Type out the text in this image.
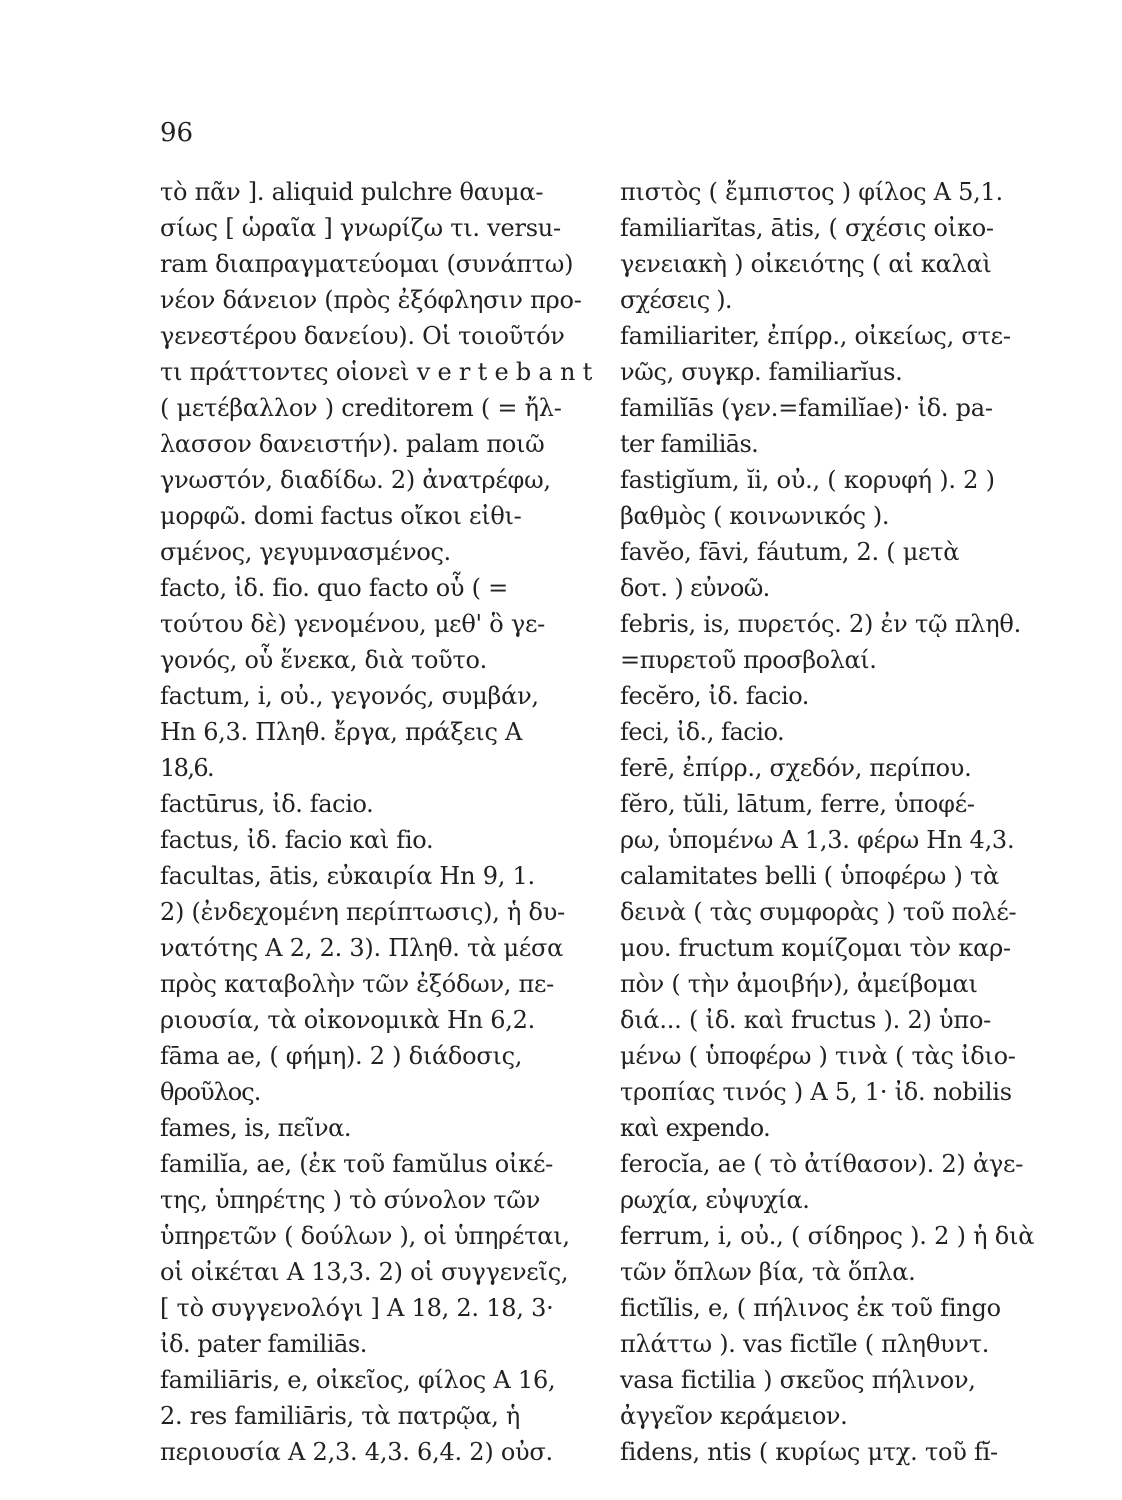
96
τὸ πᾶν ]. aliquid pulchre θαυμα-
σίως [ ὡραῖα ] γνωρίζω τι. versu-
ram διαπραγματεύομαι (συνάπτω)
νέον δάνειον (πρὸς ἐξόφλησιν προ-
γενεστέρου δανείου). Οἱ τοιοῦτόν
τι πράττοντες οἱονεὶ v e r t e b a n t
( μετέβαλλον ) creditorem ( = ἤλ-
λασσον δανειστήν). palam ποιῶ
γνωστόν, διαδίδω. 2) ἀνατρέφω,
μορφῶ. domi factus οἴκοι εἰθι-
σμένος, γεγυμνασμένος.
facto, ἰδ. fio. quo facto οὗ ( =
τούτου δὲ) γενομένου, μεθ' ὃ γε-
γονός, οὗ ἕνεκα, διὰ τοῦτο.
factum, i, οὐ., γεγονός, συμβάν,
Hn 6,3. Πληθ. ἔργα, πράξεις A
18,6.
factūrus, ἰδ. facio.
factus, ἰδ. facio καὶ fio.
facultas, ātis, εὐκαιρία Hn 9, 1.
2) (ἐνδεχομένη περίπτωσις), ἡ δυ-
νατότης A 2, 2. 3). Πληθ. τὰ μέσα
πρὸς καταβολὴν τῶν ἐξόδων, πε-
ριουσία, τὰ οἰκονομικὰ Hn 6,2.
fāma ae, ( φήμη). 2 ) διάδοσις,
θροῦλος.
fames, is, πεῖνα.
familĭa, ae, (ἐκ τοῦ famŭlus οἰκέ-
της, ὑπηρέτης ) τὸ σύνολον τῶν
ὑπηρετῶν ( δούλων ), οἱ ὑπηρέται,
οἱ οἰκέται A 13,3. 2) οἱ συγγενεῖς,
[ τὸ συγγενολόγι ] A 18, 2. 18, 3·
ἰδ. pater familiās.
familiāris, e, οἰκεῖος, φίλος A 16,
2. res familiāris, τὰ πατρῷα, ἡ
περιουσία A 2,3. 4,3. 6,4. 2) οὐσ.
πιστὸς ( ἔμπιστος ) φίλος A 5,1.
familiarĭtas, ātis, ( σχέσις οἰκο-
γενειακὴ ) οἰκειότης ( αἱ καλαὶ
σχέσεις ).
familiariter, ἐπίρρ., οἰκείως, στε-
νῶς, συγκρ. familiarĭus.
familĭās (γεν.=familĭae)· ἰδ. pa-
ter familiās.
fastigĭum, ĭi, οὐ., ( κορυφή ). 2 )
βαθμὸς ( κοινωνικός ).
favĕo, fāvi, fáutum, 2. ( μετὰ
δοτ. ) εὐνοῶ.
febris, is, πυρετός. 2) ἐν τῷ πληθ.
=πυρετοῦ προσβολαί.
fecĕro, ἰδ. facio.
feci, ἰδ., facio.
ferē, ἐπίρρ., σχεδόν, περίπου.
fĕro, tŭli, lātum, ferre, ὑποφέ-
ρω, ὑπομένω A 1,3. φέρω Hn 4,3.
calamitates belli ( ὑποφέρω ) τὰ
δεινὰ ( τὰς συμφορὰς ) τοῦ πολέ-
μου. fructum κομίζομαι τὸν καρ-
πὸν ( τὴν ἀμοιβήν), ἀμείβομαι
διά... ( ἰδ. καὶ fructus ). 2) ὑπο-
μένω ( ὑποφέρω ) τινὰ ( τὰς ἰδιο-
τροπίας τινός ) A 5, 1· ἰδ. nobilis
καὶ expendo.
ferocĭa, ae ( τὸ ἀτίθασον). 2) ἀγε-
ρωχία, εὐψυχία.
ferrum, i, οὐ., ( σίδηρος ). 2 ) ἡ διὰ
τῶν ὅπλων βία, τὰ ὅπλα.
fictĭlis, e, ( πήλινος ἐκ τοῦ fingo
πλάττω ). vas fictĭle ( πληθυντ.
vasa fictilia ) σκεῦος πήλινον,
ἀγγεῖον κεράμειον.
fidens, ntis ( κυρίως μτχ. τοῦ fĭ-
